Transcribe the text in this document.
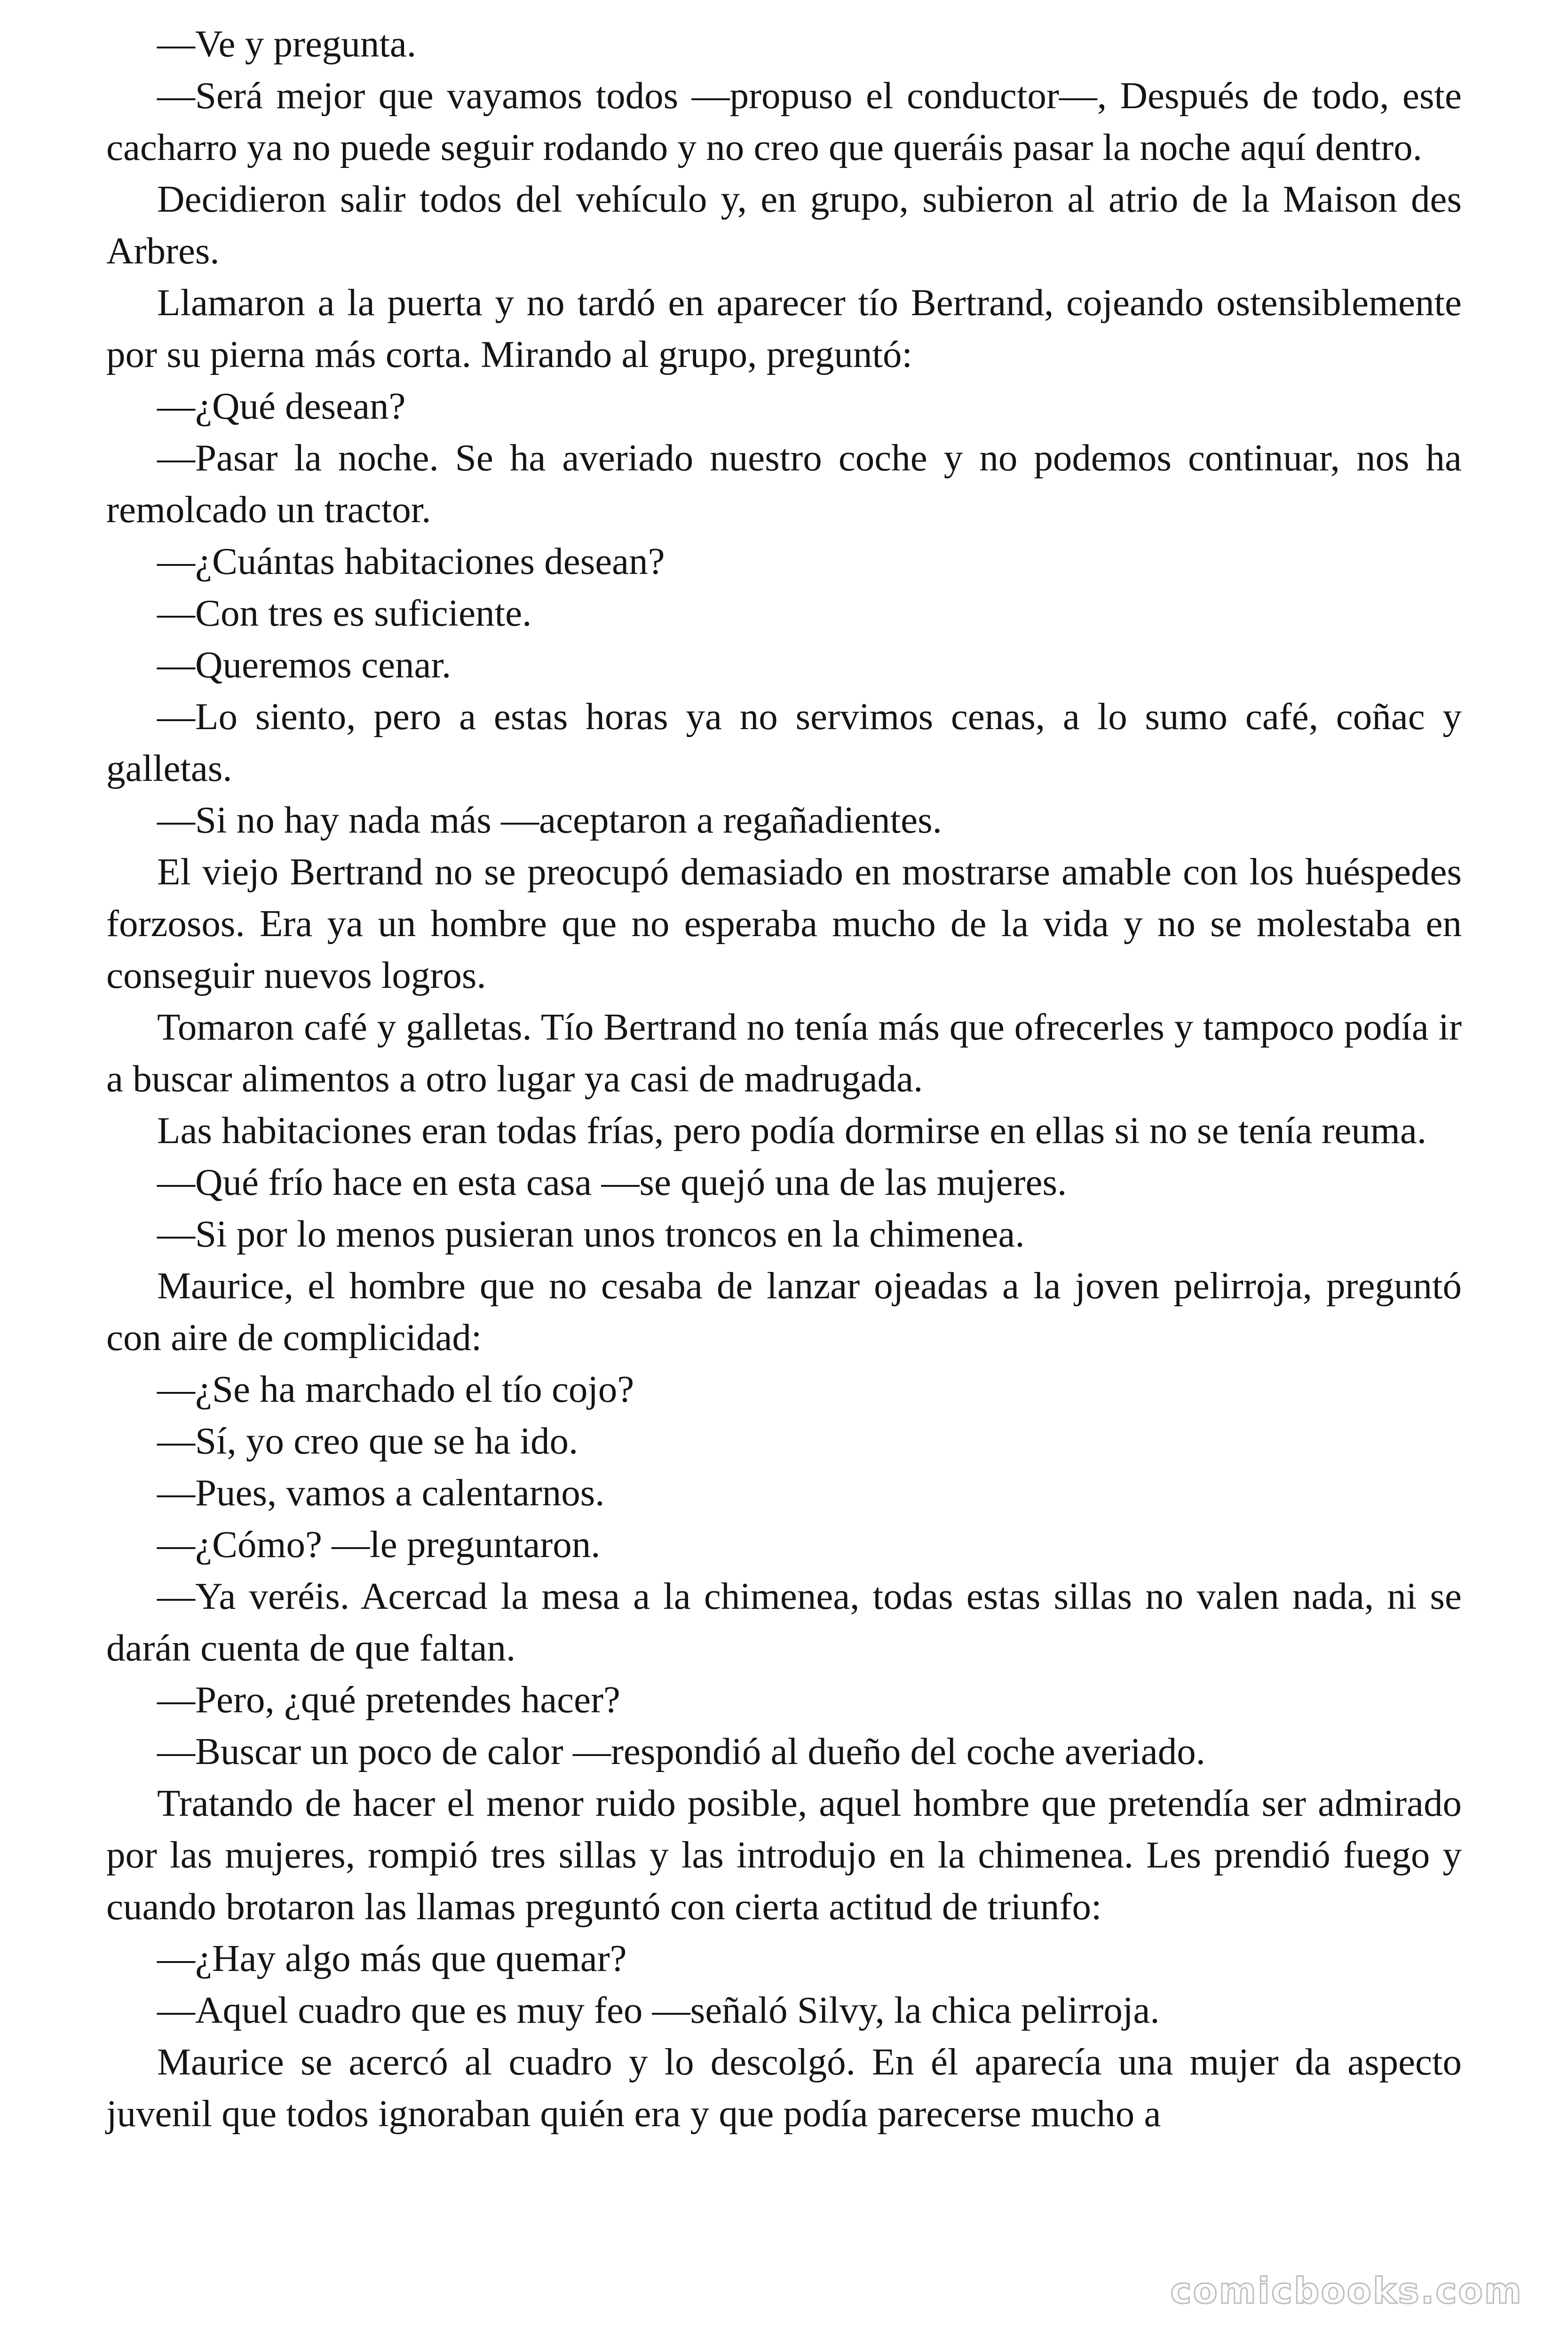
—Ve y pregunta.

—Será mejor que vayamos todos —propuso el conductor—, Después de todo, este cacharro ya no puede seguir rodando y no creo que queráis pasar la noche aquí dentro.

Decidieron salir todos del vehículo y, en grupo, subieron al atrio de la Maison des Arbres.

Llamaron a la puerta y no tardó en aparecer tío Bertrand, cojeando ostensiblemente por su pierna más corta. Mirando al grupo, preguntó:

—¿Qué desean?

—Pasar la noche. Se ha averiado nuestro coche y no podemos continuar, nos ha remolcado un tractor.

—¿Cuántas habitaciones desean?

—Con tres es suficiente.

—Queremos cenar.

—Lo siento, pero a estas horas ya no servimos cenas, a lo sumo café, coñac y galletas.

—Si no hay nada más —aceptaron a regañadientes.

El viejo Bertrand no se preocupó demasiado en mostrarse amable con los huéspedes forzosos. Era ya un hombre que no esperaba mucho de la vida y no se molestaba en conseguir nuevos logros.

Tomaron café y galletas. Tío Bertrand no tenía más que ofrecerles y tampoco podía ir a buscar alimentos a otro lugar ya casi de madrugada.

Las habitaciones eran todas frías, pero podía dormirse en ellas si no se tenía reuma.

—Qué frío hace en esta casa —se quejó una de las mujeres.

—Si por lo menos pusieran unos troncos en la chimenea.

Maurice, el hombre que no cesaba de lanzar ojeadas a la joven pelirroja, preguntó con aire de complicidad:

—¿Se ha marchado el tío cojo?

—Sí, yo creo que se ha ido.

—Pues, vamos a calentarnos.

—¿Cómo? —le preguntaron.

—Ya veréis. Acercad la mesa a la chimenea, todas estas sillas no valen nada, ni se darán cuenta de que faltan.

—Pero, ¿qué pretendes hacer?

—Buscar un poco de calor —respondió al dueño del coche averiado.

Tratando de hacer el menor ruido posible, aquel hombre que pretendía ser admirado por las mujeres, rompió tres sillas y las introdujo en la chimenea. Les prendió fuego y cuando brotaron las llamas preguntó con cierta actitud de triunfo:

—¿Hay algo más que quemar?

—Aquel cuadro que es muy feo —señaló Silvy, la chica pelirroja.

Maurice se acercó al cuadro y lo descolgó. En él aparecía una mujer da aspecto juvenil que todos ignoraban quién era y que podía parecerse mucho a

comicbooks.com
